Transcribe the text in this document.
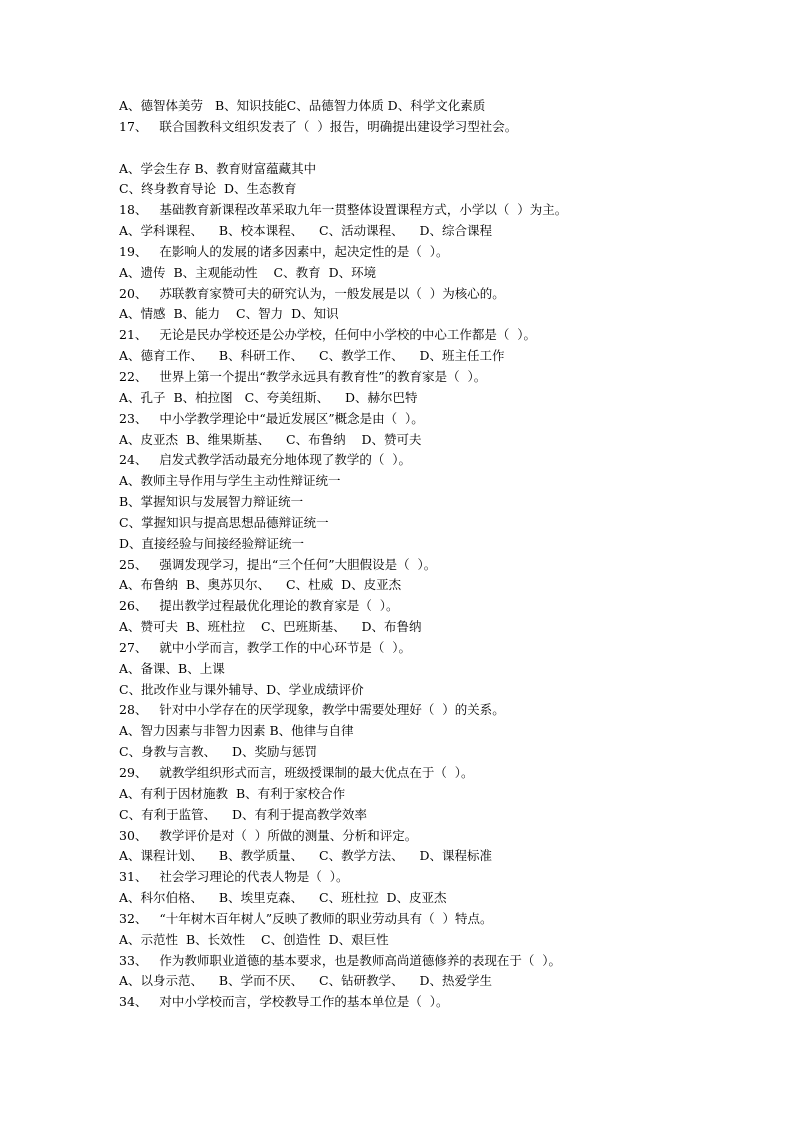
A、德智体美劳   B、知识技能C、品德智力体质 D、科学文化素质
17、   联合国教科文组织发表了（  ）报告，明确提出建设学习型社会。
A、学会生存 B、教育财富蕴藏其中
C、终身教育导论  D、生态教育
18、   基础教育新课程改革采取九年一贯整体设置课程方式，小学以（  ）为主。
A、学科课程、    B、校本课程、    C、活动课程、    D、综合课程
19、   在影响人的发展的诸多因素中，起决定性的是（  ）。
A、遗传  B、主观能动性    C、教育  D、环境
20、   苏联教育家赞可夫的研究认为，一般发展是以（  ）为核心的。
A、情感  B、能力    C、智力  D、知识
21、   无论是民办学校还是公办学校，任何中小学校的中心工作都是（  ）。
A、德育工作、    B、科研工作、    C、教学工作、    D、班主任工作
22、   世界上第一个提出“教学永远具有教育性”的教育家是（  ）。
A、孔子  B、柏拉图   C、夸美纽斯、    D、赫尔巴特
23、   中小学教学理论中“最近发展区”概念是由（  ）。
A、皮亚杰  B、维果斯基、    C、布鲁纳    D、赞可夫
24、   启发式教学活动最充分地体现了教学的（  ）。
A、教师主导作用与学生主动性辩证统一
B、掌握知识与发展智力辩证统一
C、掌握知识与提高思想品德辩证统一
D、直接经验与间接经验辩证统一
25、   强调发现学习，提出“三个任何”大胆假设是（  ）。
A、布鲁纳  B、奥苏贝尔、    C、杜威  D、皮亚杰
26、   提出教学过程最优化理论的教育家是（  ）。
A、赞可夫  B、班杜拉    C、巴班斯基、    D、布鲁纳
27、   就中小学而言，教学工作的中心环节是（  ）。
A、备课、B、上课
C、批改作业与课外辅导、D、学业成绩评价
28、   针对中小学存在的厌学现象，教学中需要处理好（  ）的关系。
A、智力因素与非智力因素 B、他律与自律
C、身教与言教、    D、奖励与惩罚
29、   就教学组织形式而言，班级授课制的最大优点在于（  ）。
A、有利于因材施教  B、有利于家校合作
C、有利于监管、    D、有利于提高教学效率
30、   教学评价是对（  ）所做的测量、分析和评定。
A、课程计划、    B、教学质量、    C、教学方法、    D、课程标准
31、   社会学习理论的代表人物是（  ）。
A、科尔伯格、    B、埃里克森、    C、班杜拉  D、皮亚杰
32、   “十年树木百年树人”反映了教师的职业劳动具有（  ）特点。
A、示范性  B、长效性    C、创造性  D、艰巨性
33、   作为教师职业道德的基本要求，也是教师高尚道德修养的表现在于（  ）。
A、以身示范、    B、学而不厌、    C、钻研教学、    D、热爱学生
34、   对中小学校而言，学校教导工作的基本单位是（  ）。
